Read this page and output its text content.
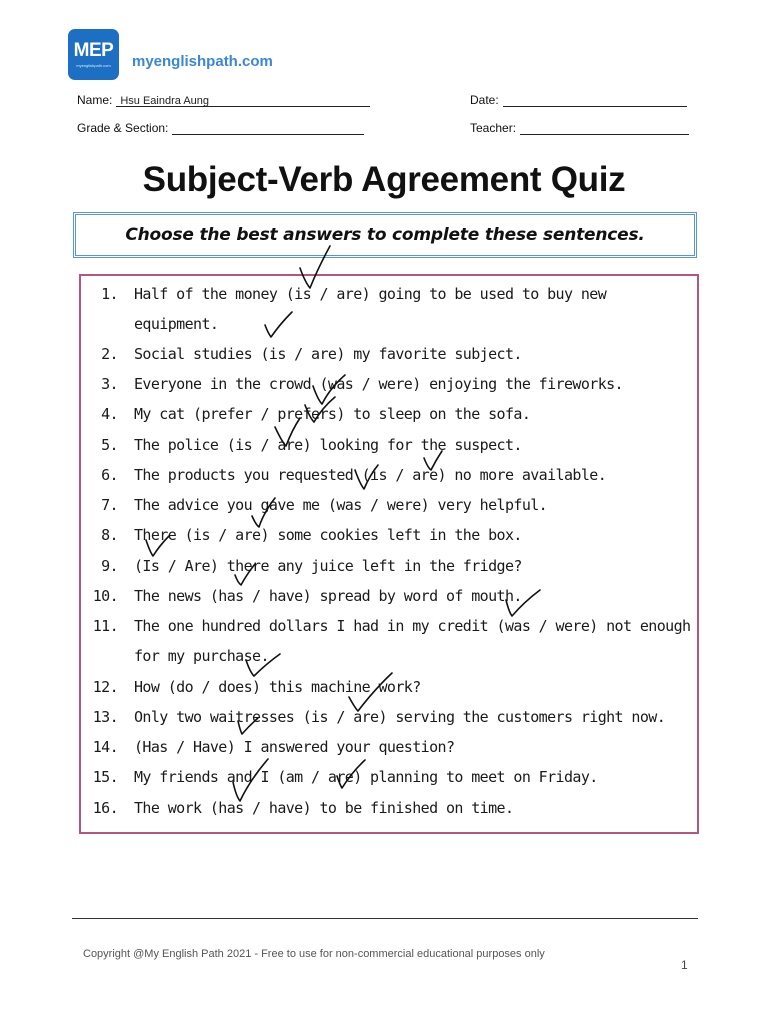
MEP
myenglishpath.com myenglishpath.com
Name: Hsu Eaindra Aung	Date:
Grade & Section:	Teacher:
Subject-Verb Agreement Quiz
Choose the best answers to complete these sentences.
1. Half of the money (is / are) going to be used to buy new
equipment.
2. Social studies (is / are) my favorite subject.
3. Everyone in the crowd (was / were) enjoying the fireworks.
4. My cat (prefer / prefers) to sleep on the sofa.
5. The police (is / are) looking for the suspect.
6. The products you requested (is / are) no more available.
7. The advice you gave me (was / were) very helpful.
8. There (is / are) some cookies left in the box.
9. (Is / Are) there any juice left in the fridge?
10. The news (has / have) spread by word of mouth.
11. The one hundred dollars I had in my credit (was / were) not enough
for my purchase.
12. How (do / does) this machine work?
13. Only two waitresses (is / are) serving the customers right now.
14. (Has / Have) I answered your question?
15. My friends and I (am / are) planning to meet on Friday.
16. The work (has / have) to be finished on time.
Copyright @My English Path 2021 - Free to use for non-commercial educational purposes only
1
